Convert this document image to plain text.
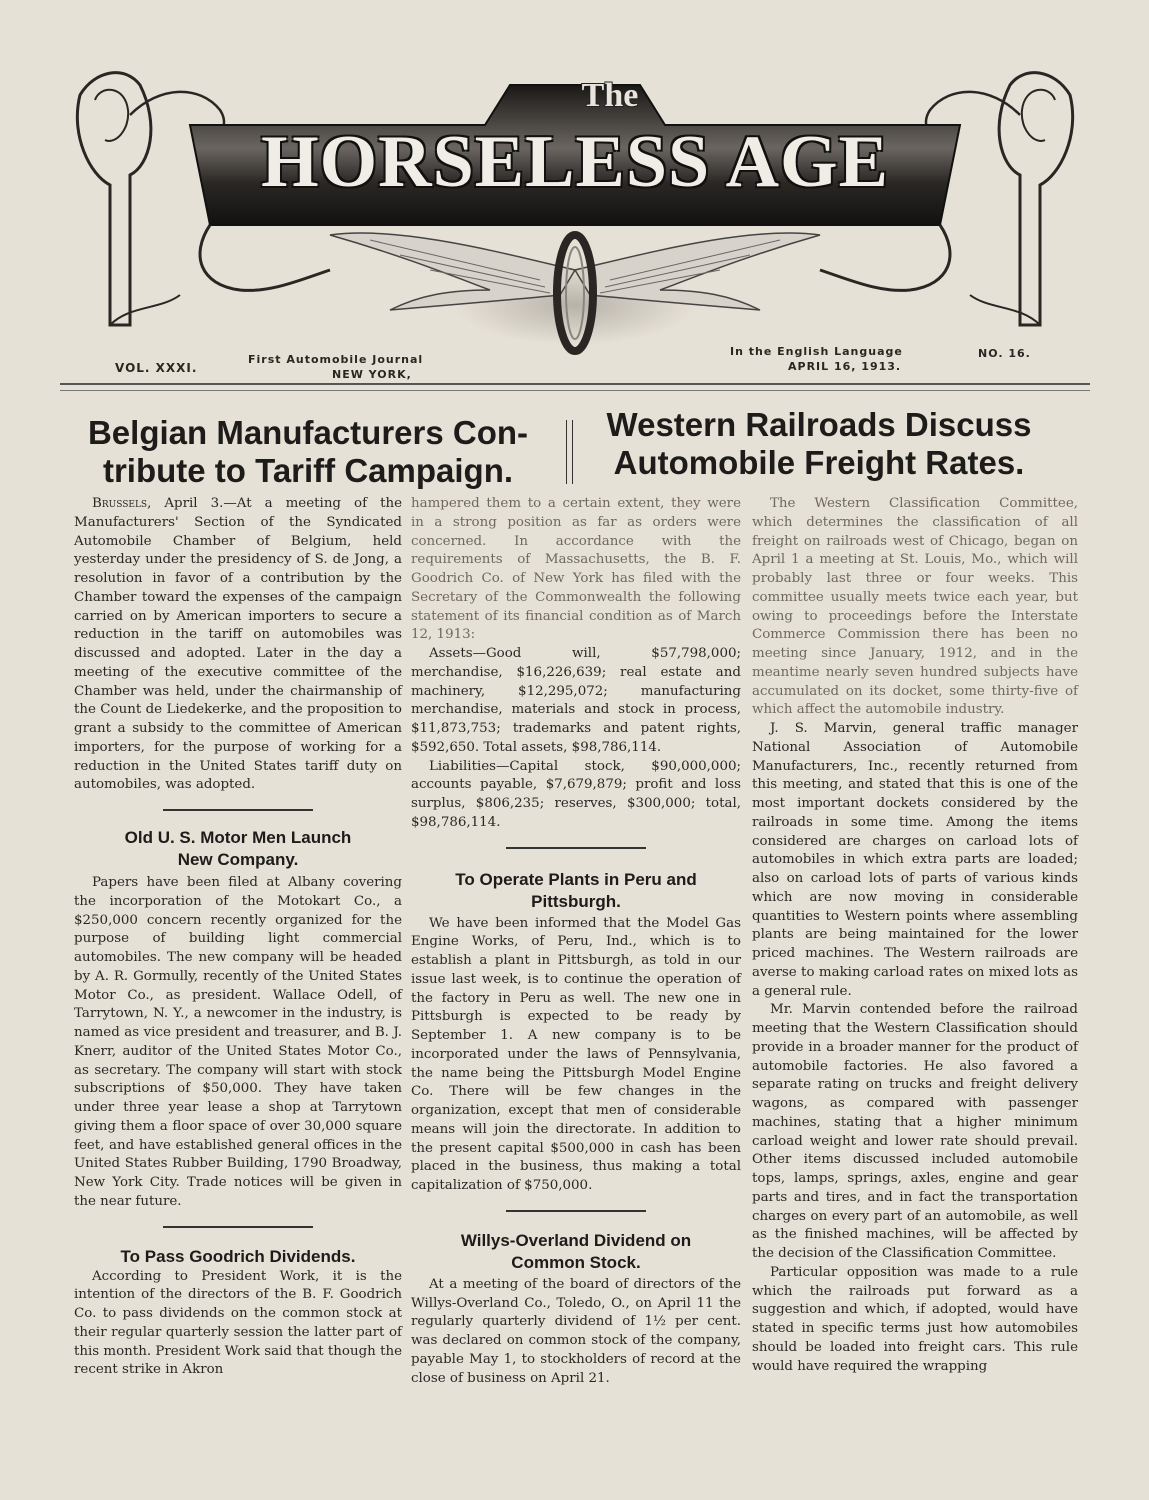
The
HORSELESS AGE
VOL. XXXI.
First Automobile Journal
NEW YORK,
In the English Language
APRIL 16, 1913.
NO. 16.
Belgian Manufacturers Con-
tribute to Tariff Campaign.
Western Railroads Discuss
Automobile Freight Rates.

Brussels, April 3.—At a meeting of the Manufacturers' Section of the Syndicated Automobile Chamber of Belgium, held yesterday under the presidency of S. de Jong, a resolution in favor of a contribution by the Chamber toward the expenses of the campaign carried on by American importers to secure a reduction in the tariff on automobiles was discussed and adopted. Later in the day a meeting of the executive committee of the Chamber was held, under the chairmanship of the Count de Liedekerke, and the proposition to grant a subsidy to the committee of American importers, for the purpose of working for a reduction in the United States tariff duty on automobiles, was adopted.

Old U. S. Motor Men Launch
New Company.

Papers have been filed at Albany covering the incorporation of the Motokart Co., a $250,000 concern recently organized for the purpose of building light commercial automobiles. The new company will be headed by A. R. Gormully, recently of the United States Motor Co., as president. Wallace Odell, of Tarrytown, N. Y., a newcomer in the industry, is named as vice president and treasurer, and B. J. Knerr, auditor of the United States Motor Co., as secretary. The company will start with stock subscriptions of $50,000. They have taken under three year lease a shop at Tarrytown giving them a floor space of over 30,000 square feet, and have established general offices in the United States Rubber Building, 1790 Broadway, New York City. Trade notices will be given in the near future.

To Pass Goodrich Dividends.

According to President Work, it is the intention of the directors of the B. F. Goodrich Co. to pass dividends on the common stock at their regular quarterly session the latter part of this month. President Work said that though the recent strike in Akron

hampered them to a certain extent, they were in a strong position as far as orders were concerned. In accordance with the requirements of Massachusetts, the B. F. Goodrich Co. of New York has filed with the Secretary of the Commonwealth the following statement of its financial condition as of March 12, 1913:

Assets—Good will, $57,798,000; merchandise, $16,226,639; real estate and machinery, $12,295,072; manufacturing merchandise, materials and stock in process, $11,873,753; trademarks and patent rights, $592,650. Total assets, $98,786,114.

Liabilities—Capital stock, $90,000,000; accounts payable, $7,679,879; profit and loss surplus, $806,235; reserves, $300,000; total, $98,786,114.

To Operate Plants in Peru and
Pittsburgh.

We have been informed that the Model Gas Engine Works, of Peru, Ind., which is to establish a plant in Pittsburgh, as told in our issue last week, is to continue the operation of the factory in Peru as well. The new one in Pittsburgh is expected to be ready by September 1. A new company is to be incorporated under the laws of Pennsylvania, the name being the Pittsburgh Model Engine Co. There will be few changes in the organization, except that men of considerable means will join the directorate. In addition to the present capital $500,000 in cash has been placed in the business, thus making a total capitalization of $750,000.

Willys-Overland Dividend on
Common Stock.

At a meeting of the board of directors of the Willys-Overland Co., Toledo, O., on April 11 the regularly quarterly dividend of 1½ per cent. was declared on common stock of the company, payable May 1, to stockholders of record at the close of business on April 21.

The Western Classification Committee, which determines the classification of all freight on railroads west of Chicago, began on April 1 a meeting at St. Louis, Mo., which will probably last three or four weeks. This committee usually meets twice each year, but owing to proceedings before the Interstate Commerce Commission there has been no meeting since January, 1912, and in the meantime nearly seven hundred subjects have accumulated on its docket, some thirty-five of which affect the automobile industry.

J. S. Marvin, general traffic manager National Association of Automobile Manufacturers, Inc., recently returned from this meeting, and stated that this is one of the most important dockets considered by the railroads in some time. Among the items considered are charges on carload lots of automobiles in which extra parts are loaded; also on carload lots of parts of various kinds which are now moving in considerable quantities to Western points where assembling plants are being maintained for the lower priced machines. The Western railroads are averse to making carload rates on mixed lots as a general rule.

Mr. Marvin contended before the railroad meeting that the Western Classification should provide in a broader manner for the product of automobile factories. He also favored a separate rating on trucks and freight delivery wagons, as compared with passenger machines, stating that a higher minimum carload weight and lower rate should prevail. Other items discussed included automobile tops, lamps, springs, axles, engine and gear parts and tires, and in fact the transportation charges on every part of an automobile, as well as the finished machines, will be affected by the decision of the Classification Committee.

Particular opposition was made to a rule which the railroads put forward as a suggestion and which, if adopted, would have stated in specific terms just how automobiles should be loaded into freight cars. This rule would have required the wrapping
